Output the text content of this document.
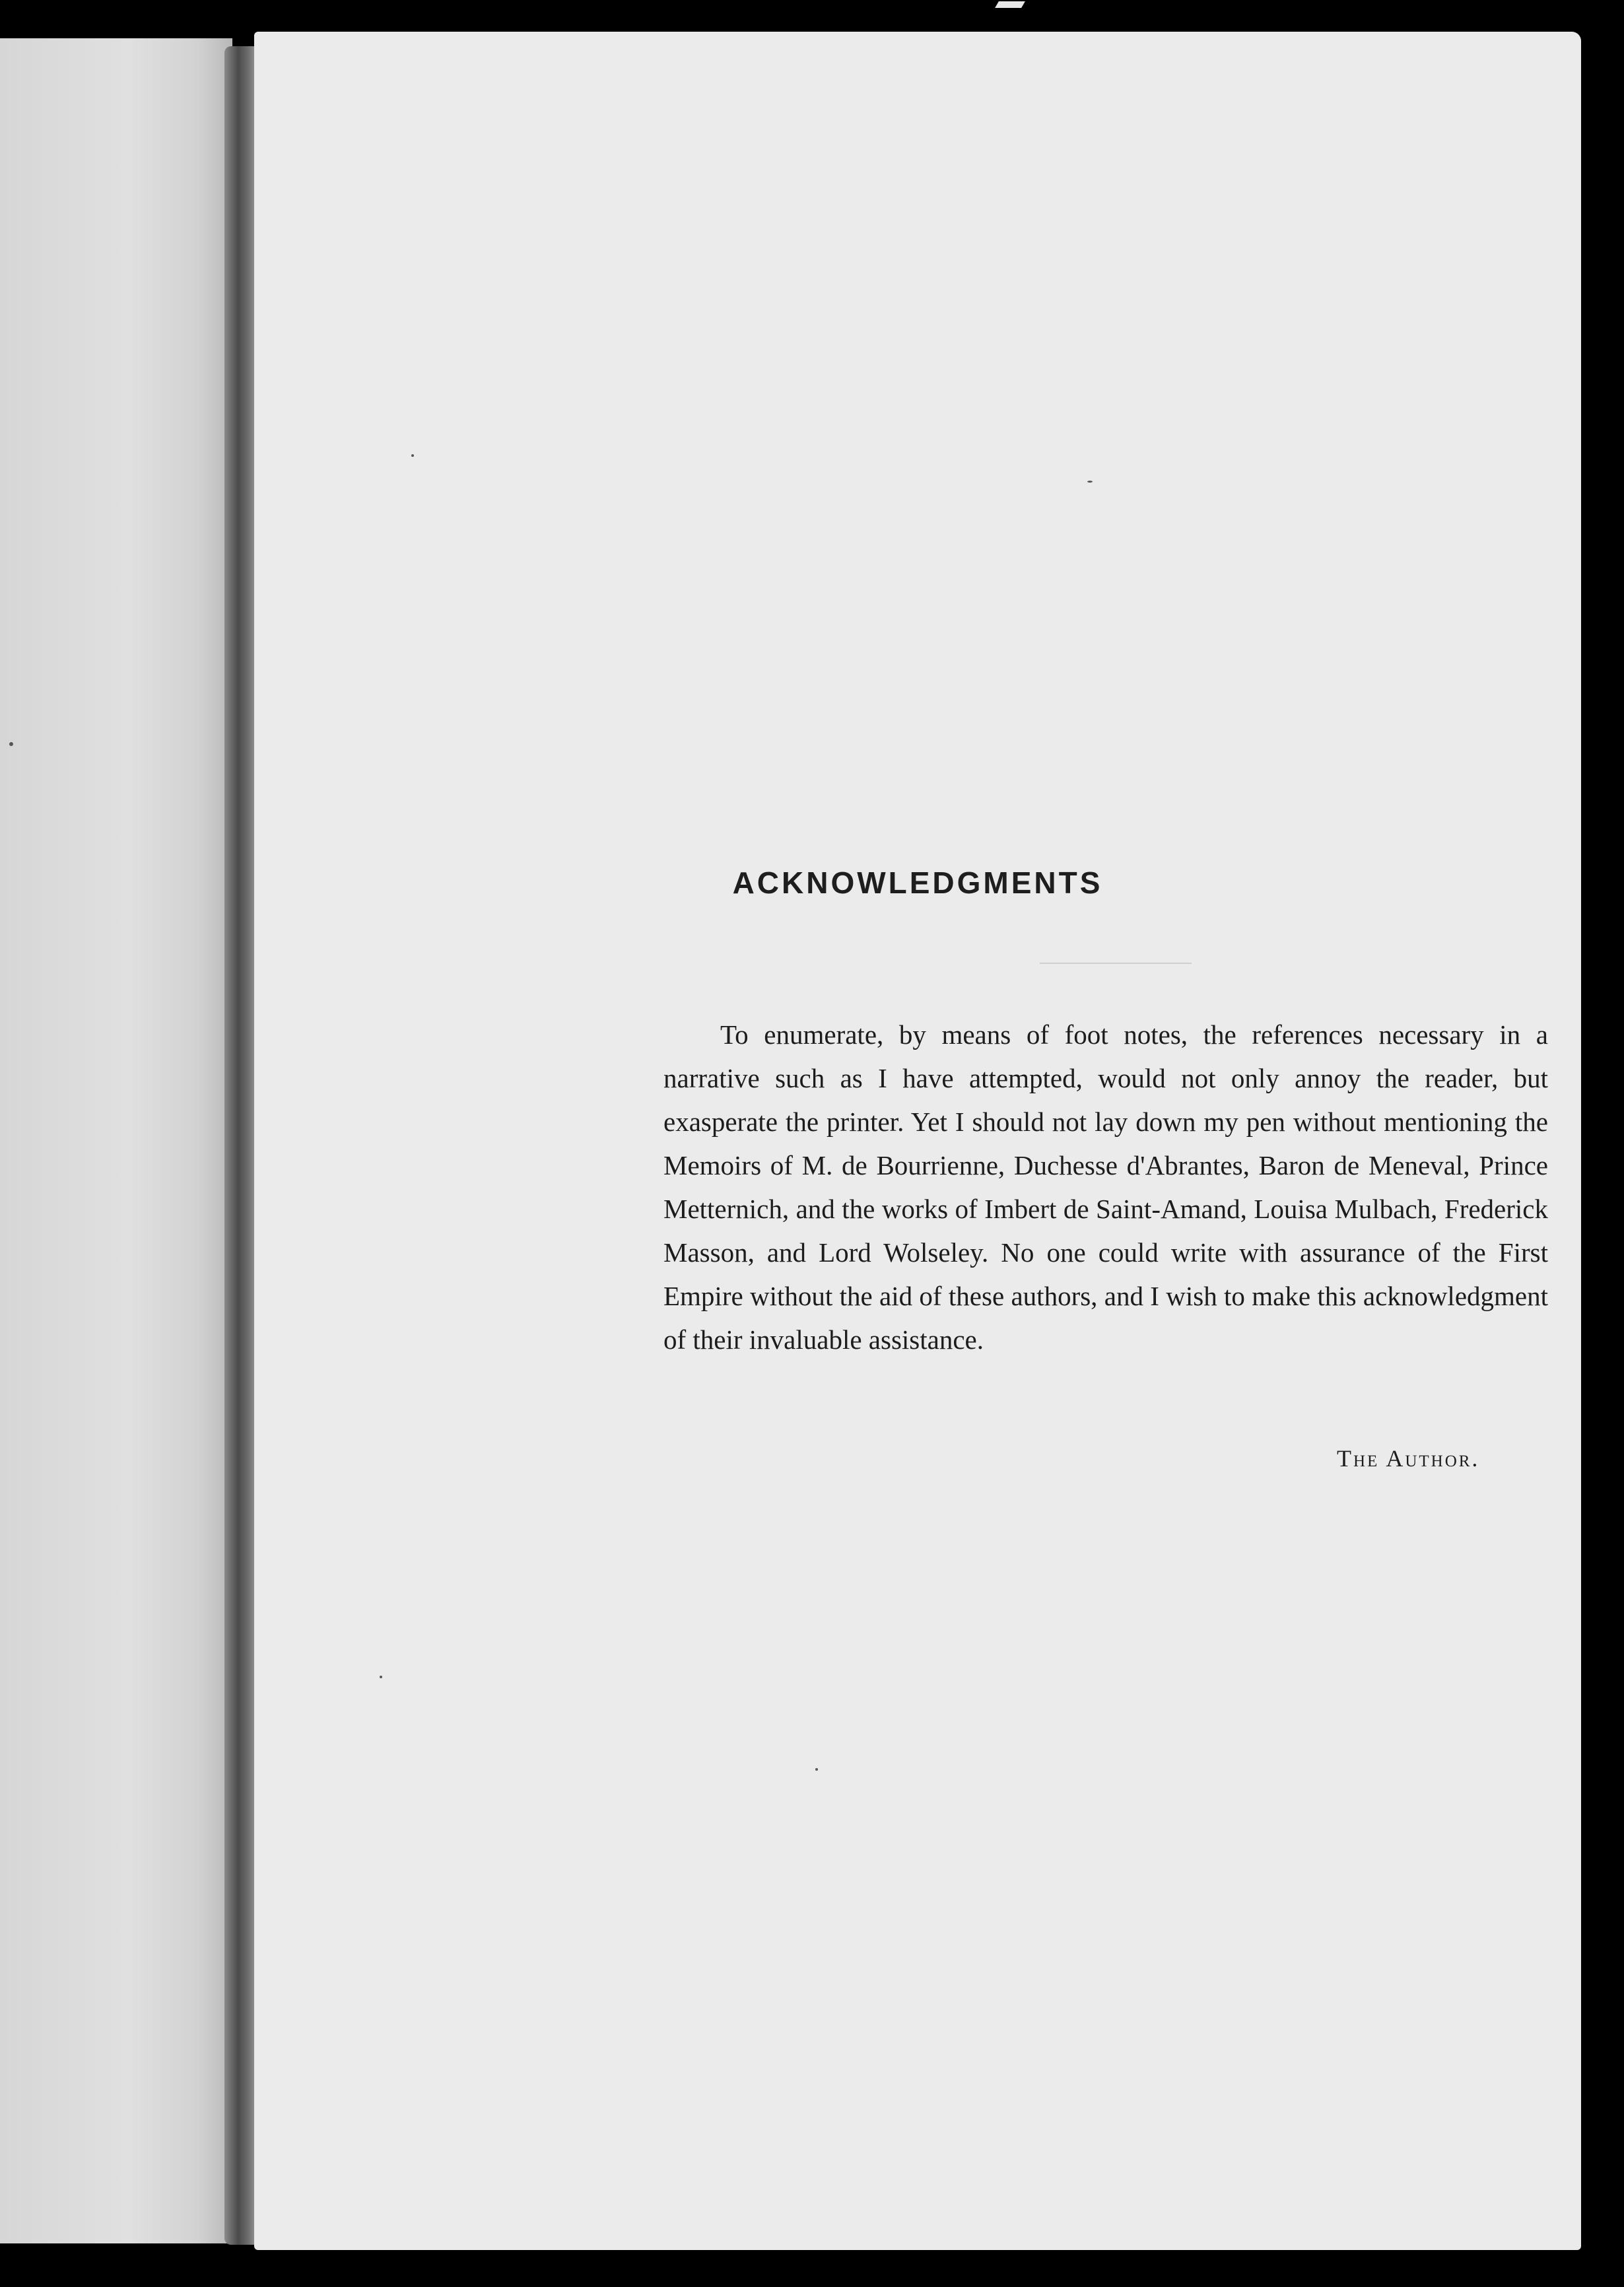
ACKNOWLEDGMENTS

To enumerate, by means of foot notes, the references necessary in a narrative such as I have attempted, would not only annoy the reader, but exasperate the printer. Yet I should not lay down my pen without mentioning the Memoirs of M. de Bourrienne, Duchesse d'Abrantes, Baron de Meneval, Prince Metternich, and the works of Imbert de Saint-Amand, Louisa Mulbach, Frederick Masson, and Lord Wolseley. No one could write with assurance of the First Empire without the aid of these authors, and I wish to make this acknowledgment of their invaluable assistance.

The Author.
